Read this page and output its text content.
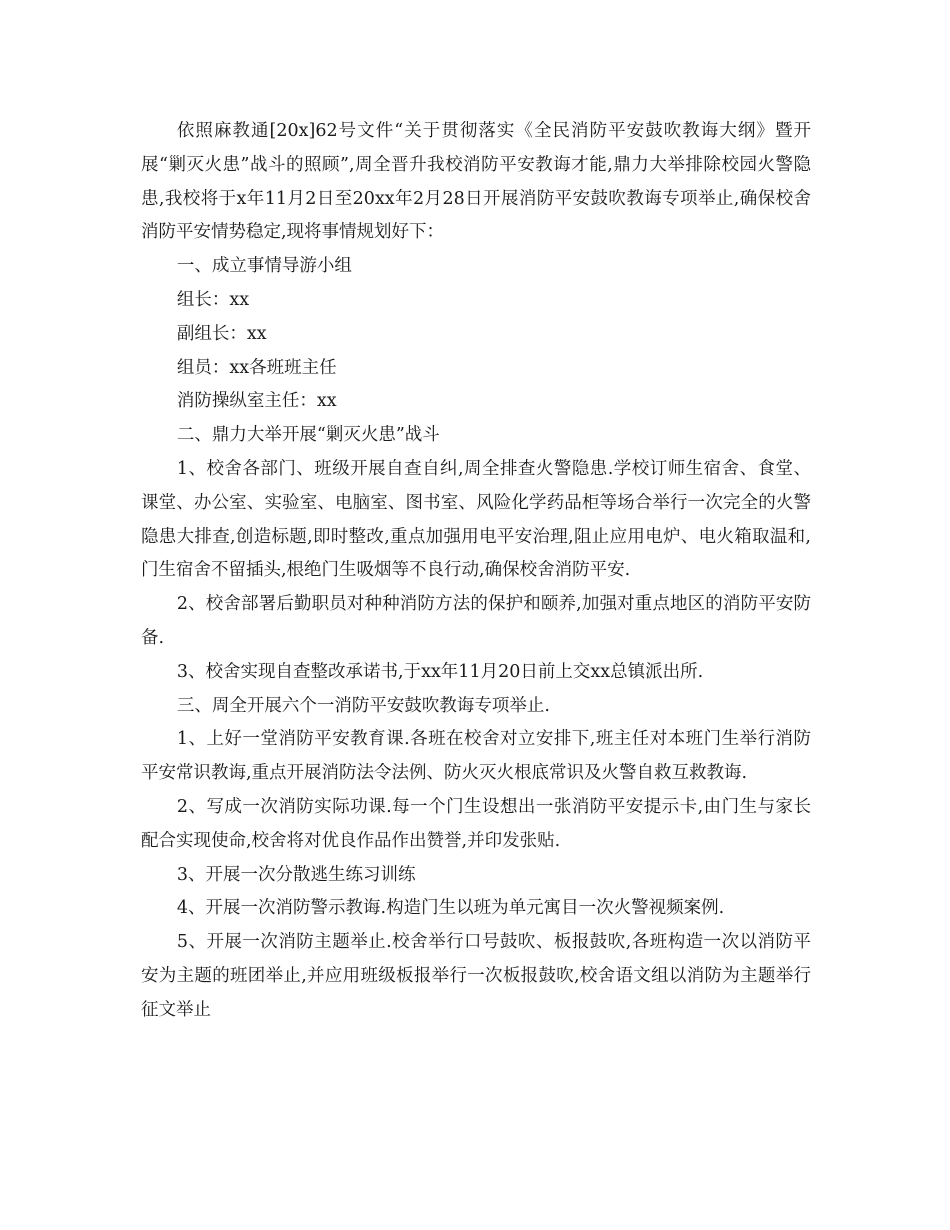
依照麻教通[20x]62号文件“关于贯彻落实《全民消防平安鼓吹教诲大纲》暨开展“剿灭火患”战斗的照顾”,周全晋升我校消防平安教诲才能,鼎力大举排除校园火警隐患,我校将于x年11月2日至20xx年2月28日开展消防平安鼓吹教诲专项举止,确保校舍消防平安情势稳定,现将事情规划好下：

一、成立事情导游小组

组长：xx

副组长：xx

组员：xx各班班主任

消防操纵室主任：xx

二、鼎力大举开展“剿灭火患”战斗

1、校舍各部门、班级开展自查自纠,周全排查火警隐患.学校订师生宿舍、食堂、课堂、办公室、实验室、电脑室、图书室、风险化学药品柜等场合举行一次完全的火警隐患大排查,创造标题,即时整改,重点加强用电平安治理,阻止应用电炉、电火箱取温和,门生宿舍不留插头,根绝门生吸烟等不良行动,确保校舍消防平安.

2、校舍部署后勤职员对种种消防方法的保护和颐养,加强对重点地区的消防平安防备.

3、校舍实现自查整改承诺书,于xx年11月20日前上交xx总镇派出所.

三、周全开展六个一消防平安鼓吹教诲专项举止.

1、上好一堂消防平安教育课.各班在校舍对立安排下,班主任对本班门生举行消防平安常识教诲,重点开展消防法令法例、防火灭火根底常识及火警自救互救教诲.

2、写成一次消防实际功课.每一个门生设想出一张消防平安提示卡,由门生与家长配合实现使命,校舍将对优良作品作出赞誉,并印发张贴.

3、开展一次分散逃生练习训练

4、开展一次消防警示教诲.构造门生以班为单元寓目一次火警视频案例.

5、开展一次消防主题举止.校舍举行口号鼓吹、板报鼓吹,各班构造一次以消防平安为主题的班团举止,并应用班级板报举行一次板报鼓吹,校舍语文组以消防为主题举行征文举止
